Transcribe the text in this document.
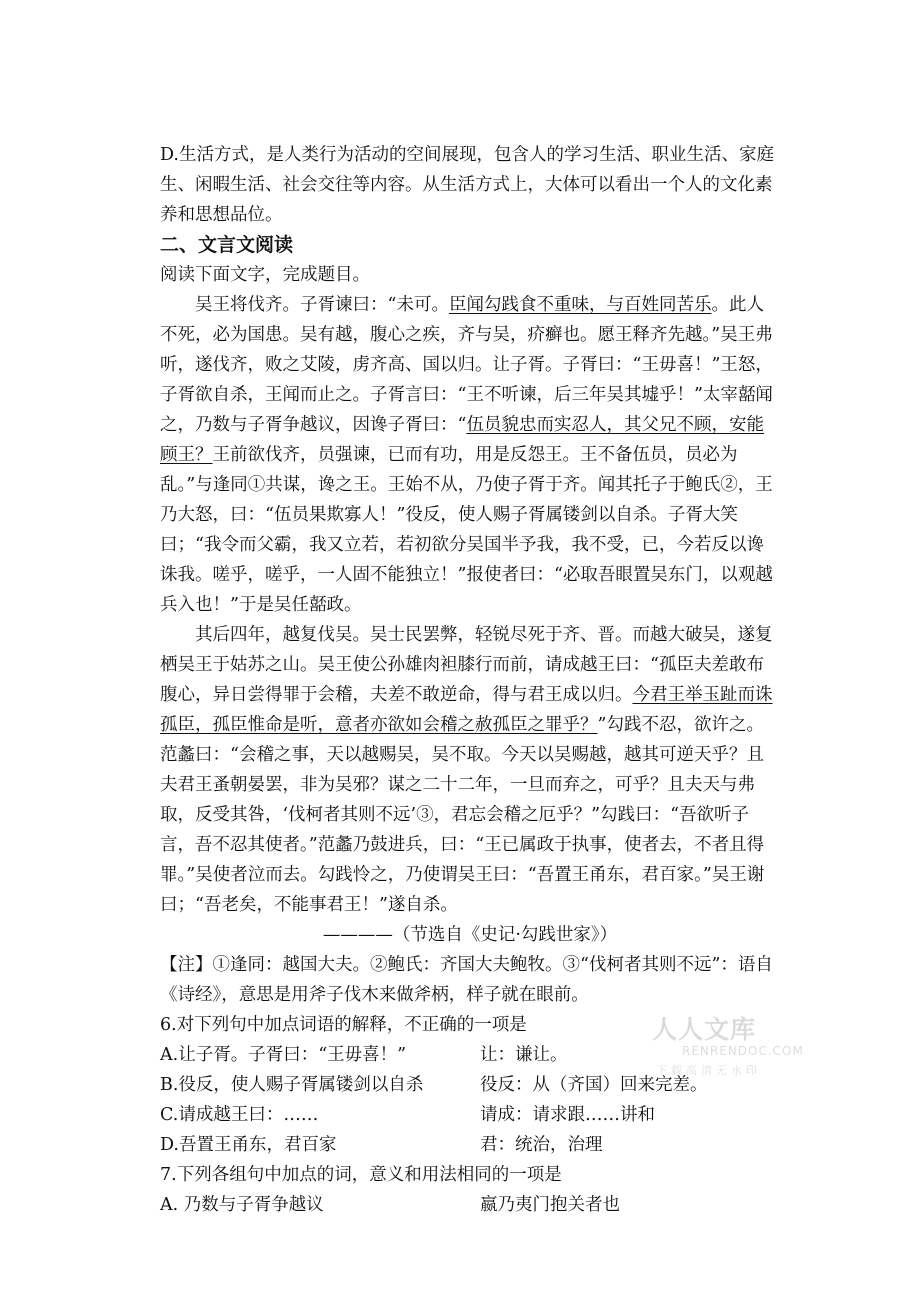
D.生活方式，是人类行为活动的空间展现，包含人的学习生活、职业生活、家庭生、闲暇生活、社会交往等内容。从生活方式上，大体可以看出一个人的文化素养和思想品位。

二、文言文阅读

阅读下面文字，完成题目。

吴王将伐齐。子胥谏曰：“未可。臣闻勾践食不重味，与百姓同苦乐。此人不死，必为国患。吴有越，腹心之疾，齐与吴，疥癣也。愿王释齐先越。”吴王弗听，遂伐齐，败之艾陵，虏齐高、国以归。让子胥。子胥曰：“王毋喜！”王怒，子胥欲自杀，王闻而止之。子胥言曰：“王不听谏，后三年吴其墟乎！”太宰嚭闻之，乃数与子胥争越议，因谗子胥曰：“伍员貌忠而实忍人，其父兄不顾，安能顾王？王前欲伐齐，员强谏，已而有功，用是反怨王。王不备伍员，员必为乱。”与逢同①共谋，谗之王。王始不从，乃使子胥于齐。闻其托子于鲍氏②，王乃大怒，曰：“伍员果欺寡人！”役反，使人赐子胥属镂剑以自杀。子胥大笑曰；“我令而父霸，我又立若，若初欲分吴国半予我，我不受，已，今若反以谗诛我。嗟乎，嗟乎，一人固不能独立！”报使者曰：“必取吾眼置吴东门，以观越兵入也！”于是吴任嚭政。

其后四年，越复伐吴。吴士民罢弊，轻锐尽死于齐、晋。而越大破吴，遂复栖吴王于姑苏之山。吴王使公孙雄肉袒膝行而前，请成越王曰：“孤臣夫差敢布腹心，异日尝得罪于会稽，夫差不敢逆命，得与君王成以归。今君王举玉趾而诛孤臣，孤臣惟命是听，意者亦欲如会稽之赦孤臣之罪乎？”勾践不忍，欲许之。范蠡曰：“会稽之事，天以越赐吴，吴不取。今天以吴赐越，越其可逆天乎？且夫君王蚤朝晏罢，非为吴邪？谋之二十二年，一旦而弃之，可乎？且夫天与弗取，反受其咎，‘伐柯者其则不远’③，君忘会稽之厄乎？”勾践曰：“吾欲听子言，吾不忍其使者。”范蠡乃鼓进兵，曰：“王已属政于执事，使者去，不者且得罪。”吴使者泣而去。勾践怜之，乃使谓吴王曰：“吾置王甬东，君百家。”吴王谢曰；“吾老矣，不能事君王！”遂自杀。

————（节选自《史记·勾践世家》）

【注】①逢同：越国大夫。②鲍氏：齐国大夫鲍牧。③“伐柯者其则不远”：语自《诗经》，意思是用斧子伐木来做斧柄，样子就在眼前。

6.对下列句中加点词语的解释，不正确的一项是

A.让子胥。子胥曰：“王毋喜！”	让：谦让。
B.役反，使人赐子胥属镂剑以自杀	役反：从（齐国）回来完差。
C.请成越王曰：……	请成：请求跟……讲和
D.吾置王甬东，君百家	君：统治，治理

7.下列各组句中加点的词，意义和用法相同的一项是

A. 乃数与子胥争越议	嬴乃夷门抱关者也
人人文库
RENRENDOC.COM
下载高清无水印
